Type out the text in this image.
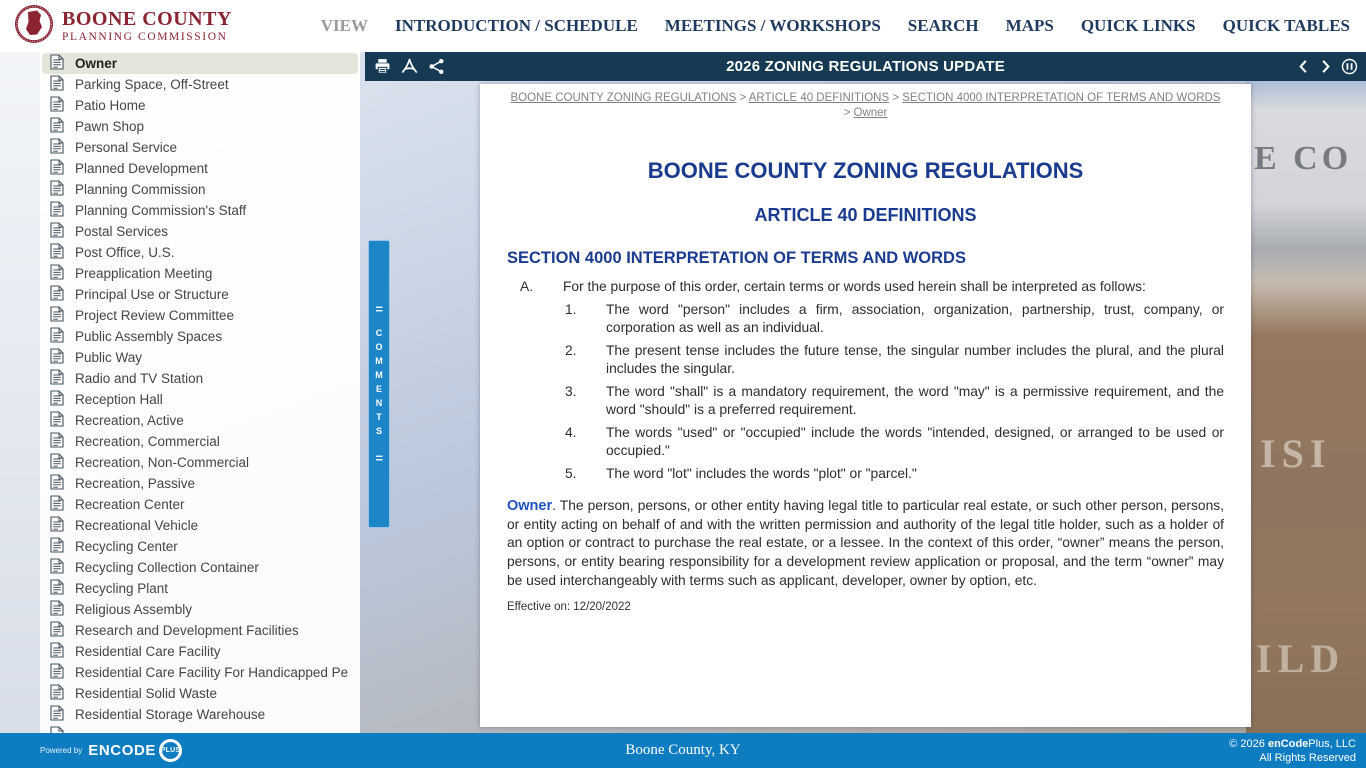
E CO
ISI
ILD
BOONE COUNTY
PLANNING COMMISSION
VIEW INTRODUCTION / SCHEDULE MEETINGS / WORKSHOPS SEARCH MAPS QUICK LINKS QUICK TABLES
Owner
Parking Space, Off-Street
Patio Home
Pawn Shop
Personal Service
Planned Development
Planning Commission
Planning Commission's Staff
Postal Services
Post Office, U.S.
Preapplication Meeting
Principal Use or Structure
Project Review Committee
Public Assembly Spaces
Public Way
Radio and TV Station
Reception Hall
Recreation, Active
Recreation, Commercial
Recreation, Non-Commercial
Recreation, Passive
Recreation Center
Recreational Vehicle
Recycling Center
Recycling Collection Container
Recycling Plant
Religious Assembly
Research and Development Facilities
Residential Care Facility
Residential Care Facility For Handicapped Pe
Residential Solid Waste
Residential Storage Warehouse
2026 ZONING REGULATIONS UPDATE
BOONE COUNTY ZONING REGULATIONS > ARTICLE 40 DEFINITIONS > SECTION 4000 INTERPRETATION OF TERMS AND WORDS > Owner
BOONE COUNTY ZONING REGULATIONS
ARTICLE 40 DEFINITIONS
SECTION 4000 INTERPRETATION OF TERMS AND WORDS
A.	For the purpose of this order, certain terms or words used herein shall be interpreted as follows:
1.	The word "person" includes a firm, association, organization, partnership, trust, company, or corporation as well as an individual.
2.	The present tense includes the future tense, the singular number includes the plural, and the plural includes the singular.
3.	The word "shall" is a mandatory requirement, the word "may" is a permissive requirement, and the word "should" is a preferred requirement.
4.	The words "used" or "occupied" include the words "intended, designed, or arranged to be used or occupied."
5.	The word "lot" includes the words "plot" or "parcel."
Owner. The person, persons, or other entity having legal title to particular real estate, or such other person, persons, or entity acting on behalf of and with the written permission and authority of the legal title holder, such as a holder of an option or contract to purchase the real estate, or a lessee. In the context of this order, “owner” means the person, persons, or entity bearing responsibility for a development review application or proposal, and the term “owner” may be used interchangeably with terms such as applicant, developer, owner by option, etc.
Effective on: 12/20/2022
II
COMMENTS
II
Powered by ENCODE PLUS	Boone County, KY	© 2026 enCodePlus, LLC
All Rights Reserved
